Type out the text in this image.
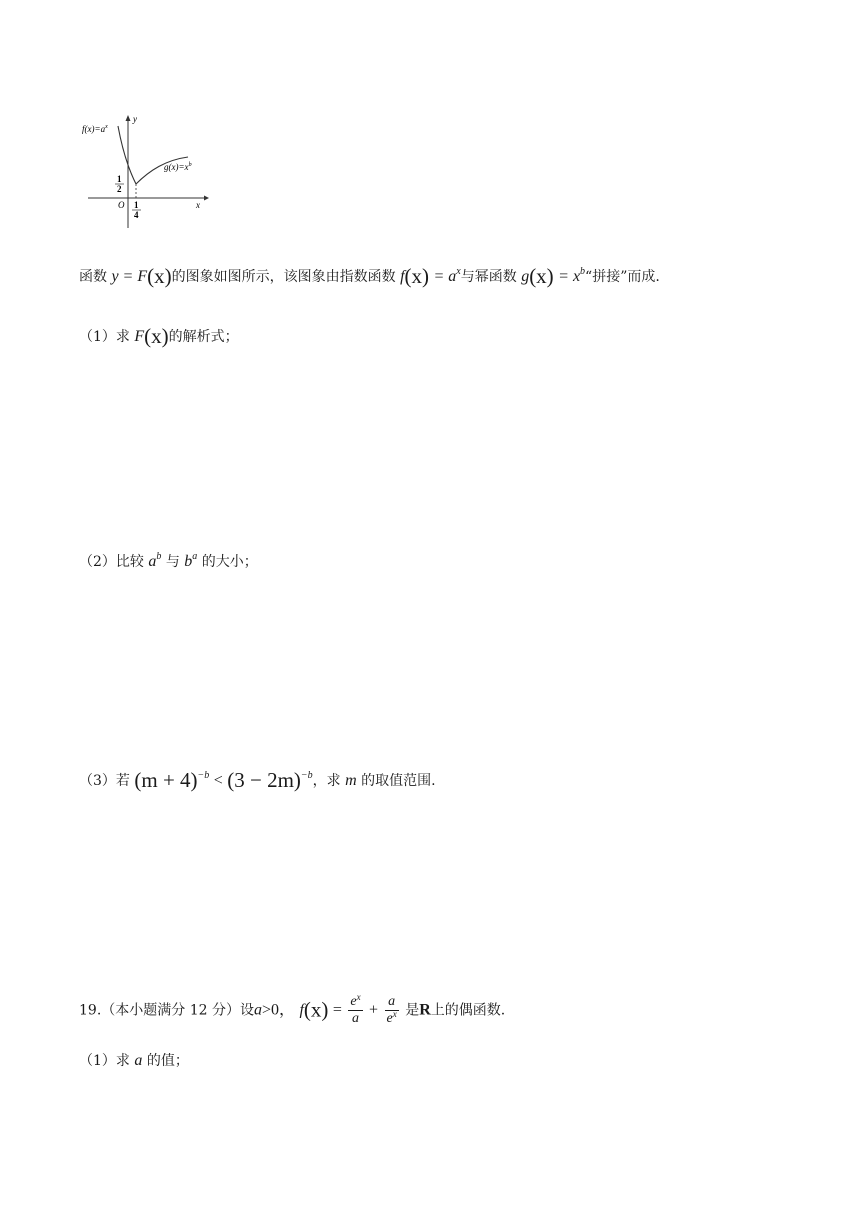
$f(x)=a^x$
$g(x)=x^b$
y
x
O
1
2
1
4
函数 y = F(x)的图象如图所示，该图象由指数函数 $f(x) = a^x$与幂函数 $g(x) = x^b“$拼接”而成.
（1）求 F(x)的解析式；
（2）比较 $a^b$ 与 $b^a$ 的大小；
（3）若 $(m + 4)^{-b} < (3 - 2m)^{-b}$，求 m 的取值范围.
19.（本小题满分 12 分）设a>0， $f(x) = \frac{e^x}{a} + \frac{a}{e^x}$ 是R上的偶函数.
（1）求 a 的值；
